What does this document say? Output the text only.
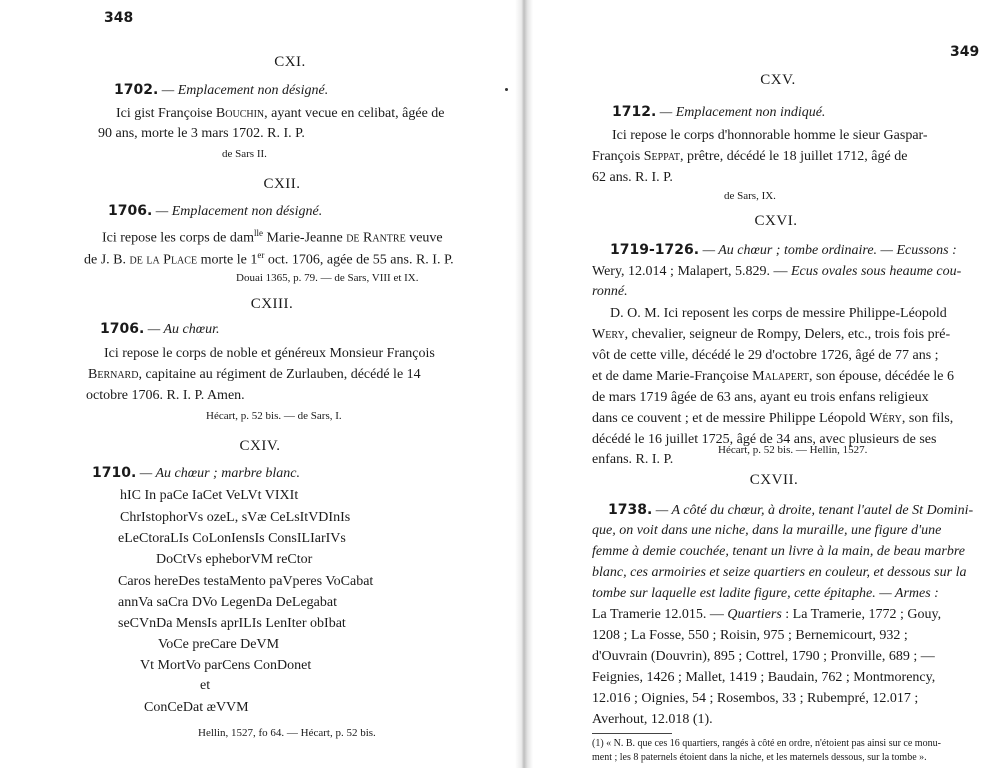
348
CXI.
1702. — Emplacement non désigné.
Ici gist Françoise Bouchin, ayant vecue en celibat, âgée de
90 ans, morte le 3 mars 1702. R. I. P.
de Sars II.
CXII.
1706. — Emplacement non désigné.
Ici repose les corps de dam$^{lle}$ Marie-Jeanne de Rantre veuve
de J. B. de la Place morte le 1er oct. 1706, agée de 55 ans. R. I. P.
Douai 1365, p. 79. — de Sars, VIII et IX.
CXIII.
1706. — Au chœur.
Ici repose le corps de noble et généreux Monsieur François
Bernard, capitaine au régiment de Zurlauben, décédé le 14
octobre 1706. R. I. P. Amen.
Hécart, p. 52 bis. — de Sars, I.
CXIV.
1710. — Au chœur ; marbre blanc.
hIC In paCe IaCet VeLVt VIXIt
ChrIstophorVs ozeL, sVæ CeLsItVDInIs
eLeCtoraLIs CoLonIensIs ConsILIarIVs
DoCtVs epheborVM reCtor
Caros hereDes testaMento paVperes VoCabat
annVa saCra DVo LegenDa DeLegabat
seCVnDa MensIs aprILIs LenIter obIbat
VoCe preCare DeVM
Vt MortVo parCens ConDonet
et
ConCeDat æVVM
Hellin, 1527, fo 64. — Hécart, p. 52 bis.
349
CXV.
1712. — Emplacement non indiqué.
Ici repose le corps d'honnorable homme le sieur Gaspar-
François Seppat, prêtre, décédé le 18 juillet 1712, âgé de
62 ans. R. I. P.
de Sars, IX.
CXVI.
1719-1726. — Au chœur ; tombe ordinaire. — Ecussons :
Wery, 12.014 ; Malapert, 5.829. — Ecus ovales sous heaume cou-
ronné.
D. O. M. Ici reposent les corps de messire Philippe-Léopold
Wery, chevalier, seigneur de Rompy, Delers, etc., trois fois pré-
vôt de cette ville, décédé le 29 d'octobre 1726, âgé de 77 ans ;
et de dame Marie-Françoise Malapert, son épouse, décédée le 6
de mars 1719 âgée de 63 ans, ayant eu trois enfans religieux
dans ce couvent ; et de messire Philippe Léopold Wéry, son fils,
décédé le 16 juillet 1725, âgé de 34 ans, avec plusieurs de ses
enfans. R. I. P.
Hécart, p. 52 bis. — Hellin, 1527.
CXVII.
1738. — A côté du chœur, à droite, tenant l'autel de St Domini-
que, on voit dans une niche, dans la muraille, une figure d'une
femme à demie couchée, tenant un livre à la main, de beau marbre
blanc, ces armoiries et seize quartiers en couleur, et dessous sur la
tombe sur laquelle est ladite figure, cette épitaphe. — Armes :
La Tramerie 12.015. — Quartiers : La Tramerie, 1772 ; Gouy,
1208 ; La Fosse, 550 ; Roisin, 975 ; Bernemicourt, 932 ;
d'Ouvrain (Douvrin), 895 ; Cottrel, 1790 ; Pronville, 689 ; —
Feignies, 1426 ; Mallet, 1419 ; Baudain, 762 ; Montmorency,
12.016 ; Oignies, 54 ; Rosembos, 33 ; Rubempré, 12.017 ;
Averhout, 12.018 (1).
(1) « N. B. que ces 16 quartiers, rangés à côté en ordre, n'étoient pas ainsi sur ce monu-
ment ; les 8 paternels étoient dans la niche, et les maternels dessous, sur la tombe ».
